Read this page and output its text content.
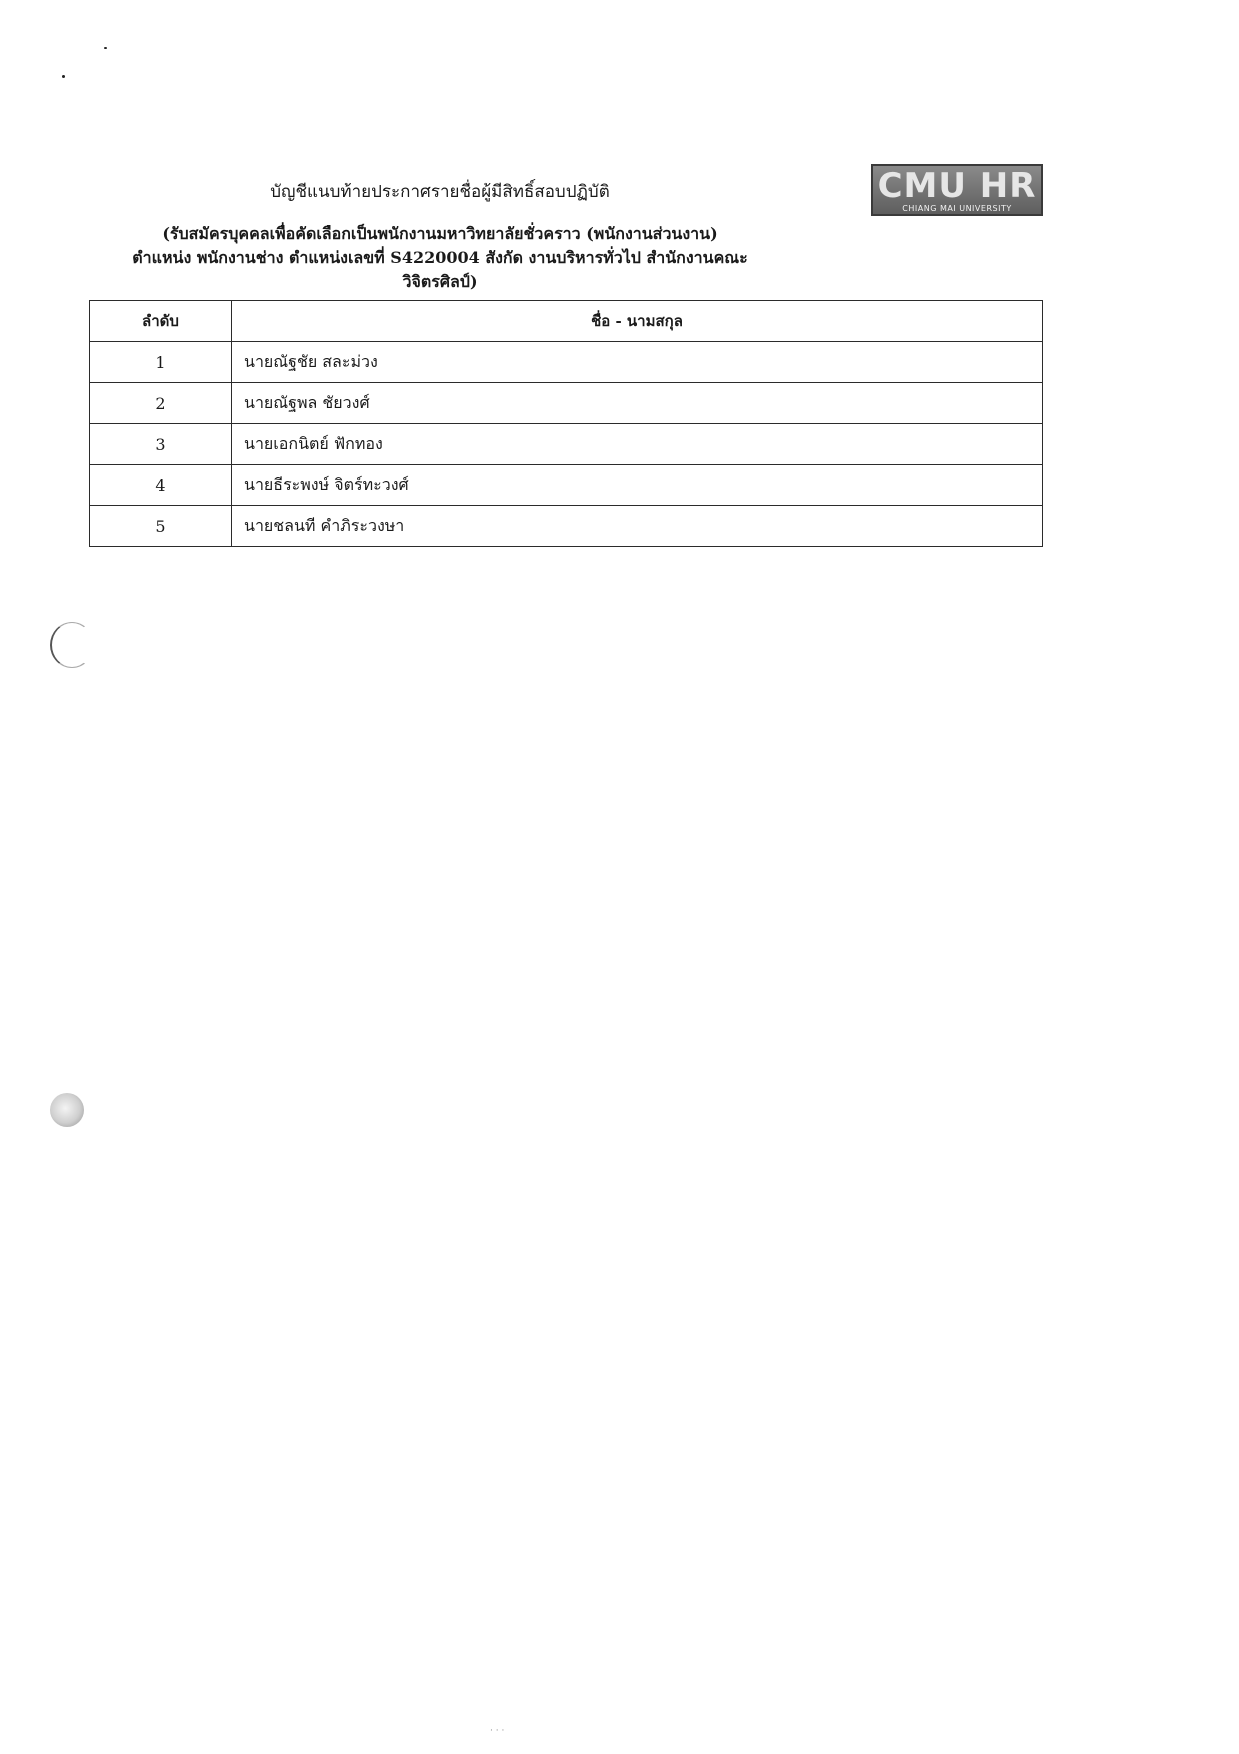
CMU HR
CHIANG MAI UNIVERSITY
บัญชีแนบท้ายประกาศรายชื่อผู้มีสิทธิ์สอบปฏิบัติ
(รับสมัครบุคคลเพื่อคัดเลือกเป็นพนักงานมหาวิทยาลัยชั่วคราว (พนักงานส่วนงาน)
ตำแหน่ง พนักงานช่าง ตำแหน่งเลขที่ S4220004 สังกัด งานบริหารทั่วไป สำนักงานคณะ
วิจิตรศิลป์)
ลำดับ	ชื่อ - นามสกุล
1	นายณัฐชัย สละม่วง
2	นายณัฐพล ชัยวงศ์
3	นายเอกนิตย์ ฟักทอง
4	นายธีระพงษ์ จิตร์ทะวงศ์
5	นายชลนที คำภิระวงษา
· · ·
